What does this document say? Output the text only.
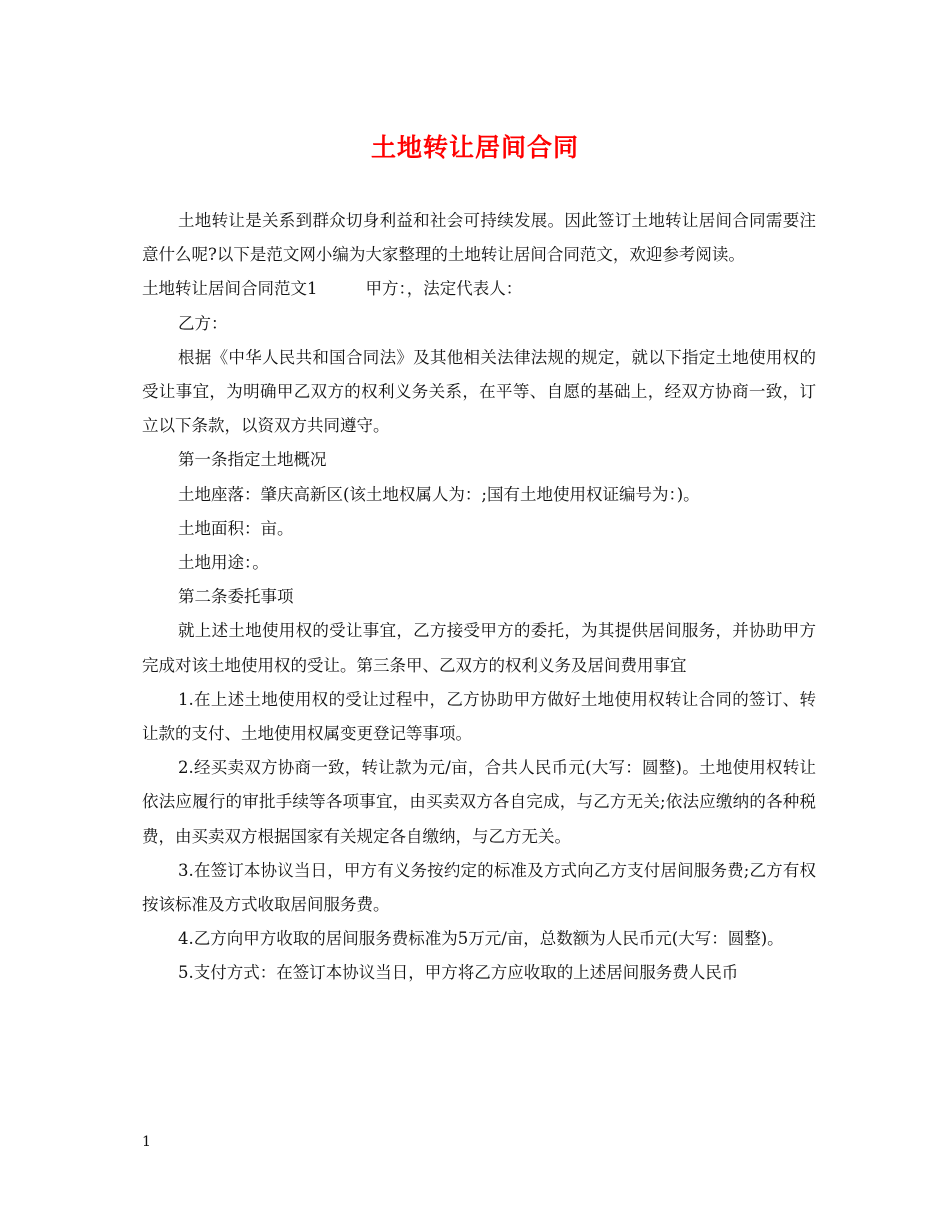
土地转让居间合同

土地转让是关系到群众切身利益和社会可持续发展。因此签订土地转让居间合同需要注意什么呢?以下是范文网小编为大家整理的土地转让居间合同范文，欢迎参考阅读。

土地转让居间合同范文1	甲方：，法定代表人：

乙方：

根据《中华人民共和国合同法》及其他相关法律法规的规定，就以下指定土地使用权的受让事宜，为明确甲乙双方的权利义务关系，在平等、自愿的基础上，经双方协商一致，订立以下条款，以资双方共同遵守。

第一条指定土地概况

土地座落：肇庆高新区(该土地权属人为：;国有土地使用权证编号为：)。

土地面积：亩。

土地用途：。

第二条委托事项

就上述土地使用权的受让事宜，乙方接受甲方的委托，为其提供居间服务，并协助甲方完成对该土地使用权的受让。第三条甲、乙双方的权利义务及居间费用事宜

1.在上述土地使用权的受让过程中，乙方协助甲方做好土地使用权转让合同的签订、转让款的支付、土地使用权属变更登记等事项。

2.经买卖双方协商一致，转让款为元/亩，合共人民币元(大写：圆整)。土地使用权转让依法应履行的审批手续等各项事宜，由买卖双方各自完成，与乙方无关;依法应缴纳的各种税费，由买卖双方根据国家有关规定各自缴纳，与乙方无关。

3.在签订本协议当日，甲方有义务按约定的标准及方式向乙方支付居间服务费;乙方有权按该标准及方式收取居间服务费。

4.乙方向甲方收取的居间服务费标准为5万元/亩，总数额为人民币元(大写：圆整)。

5.支付方式：在签订本协议当日，甲方将乙方应收取的上述居间服务费人民币

1
